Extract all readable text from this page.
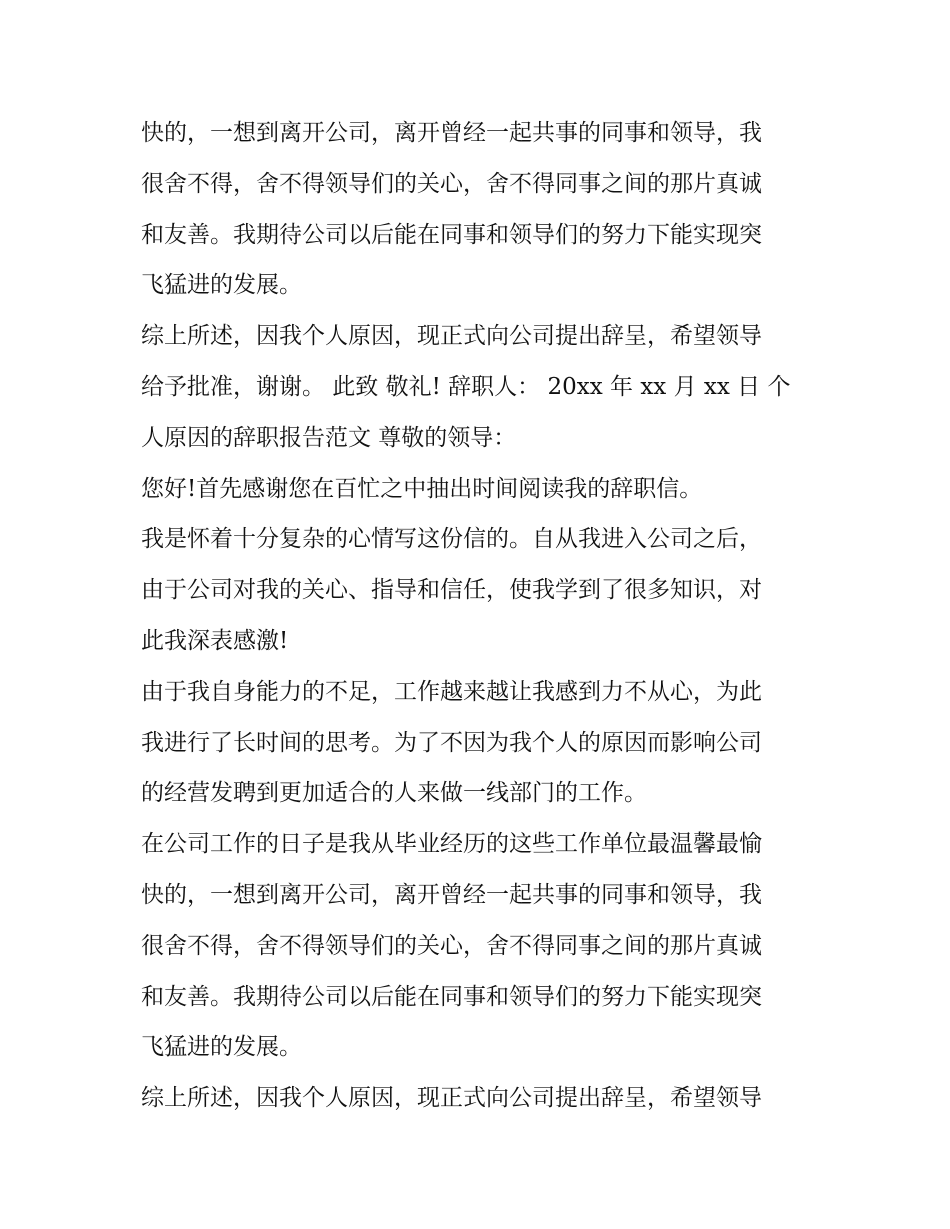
快的，一想到离开公司，离开曾经一起共事的同事和领导，我
很舍不得，舍不得领导们的关心，舍不得同事之间的那片真诚
和友善。我期待公司以后能在同事和领导们的努力下能实现突
飞猛进的发展。
综上所述，因我个人原因，现正式向公司提出辞呈，希望领导
给予批准，谢谢。 此致 敬礼! 辞职人： 20xx 年 xx 月 xx 日 个
人原因的辞职报告范文 尊敬的领导：
您好!首先感谢您在百忙之中抽出时间阅读我的辞职信。
我是怀着十分复杂的心情写这份信的。自从我进入公司之后，
由于公司对我的关心、指导和信任，使我学到了很多知识，对
此我深表感激!
由于我自身能力的不足，工作越来越让我感到力不从心，为此
我进行了长时间的思考。为了不因为我个人的原因而影响公司
的经营发聘到更加适合的人来做一线部门的工作。
在公司工作的日子是我从毕业经历的这些工作单位最温馨最愉
快的，一想到离开公司，离开曾经一起共事的同事和领导，我
很舍不得，舍不得领导们的关心，舍不得同事之间的那片真诚
和友善。我期待公司以后能在同事和领导们的努力下能实现突
飞猛进的发展。
综上所述，因我个人原因，现正式向公司提出辞呈，希望领导
